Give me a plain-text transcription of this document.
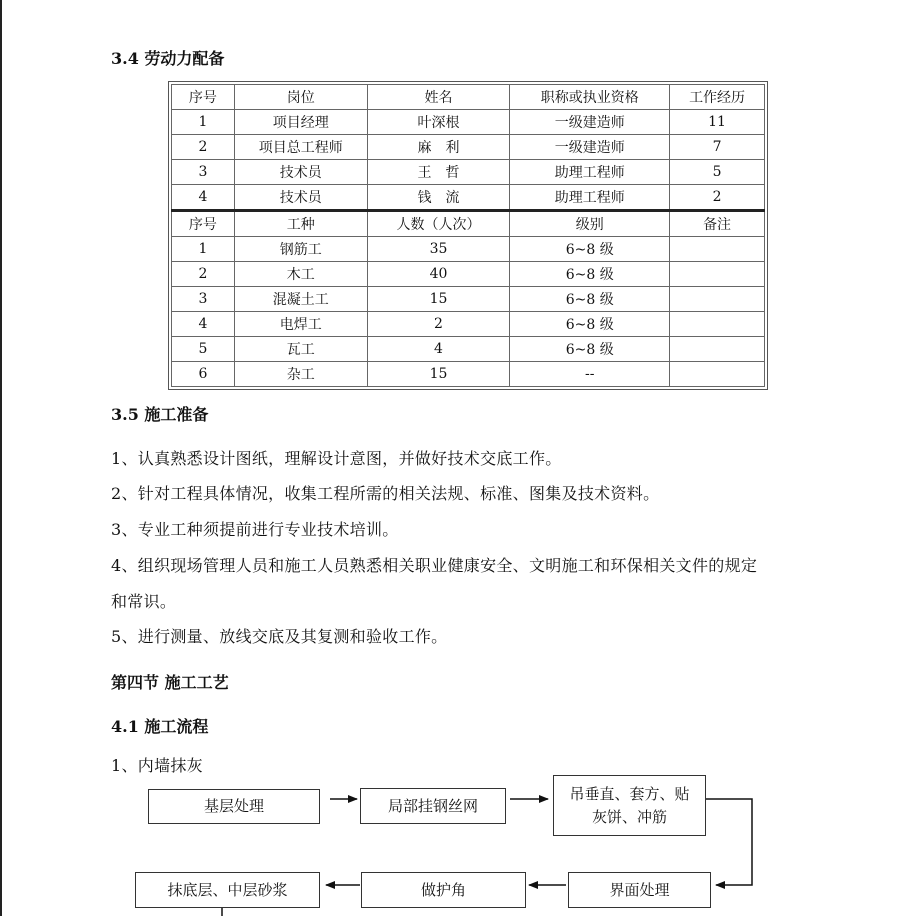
3.4 劳动力配备
序号	岗位	姓名	职称或执业资格	工作经历
1	项目经理	叶深根	一级建造师	11
2	项目总工程师	麻　利	一级建造师	7
3	技术员	王　哲	助理工程师	5
4	技术员	钱　流	助理工程师	2
序号	工种	人数（人次）	级别	备注
1	钢筋工	35	6~8 级	
2	木工	40	6~8 级	
3	混凝土工	15	6~8 级	
4	电焊工	2	6~8 级	
5	瓦工	4	6~8 级	
6	杂工	15	--	
3.5 施工准备
1、认真熟悉设计图纸，理解设计意图，并做好技术交底工作。
2、针对工程具体情况，收集工程所需的相关法规、标准、图集及技术资料。
3、专业工种须提前进行专业技术培训。
4、组织现场管理人员和施工人员熟悉相关职业健康安全、文明施工和环保相关文件的规定
和常识。
5、进行测量、放线交底及其复测和验收工作。
第四节 施工工艺
4.1 施工流程
1、内墙抹灰
基层处理	局部挂钢丝网
吊垂直、套方、贴
灰饼、冲筋
界面处理
做护角
抹底层、中层砂浆
